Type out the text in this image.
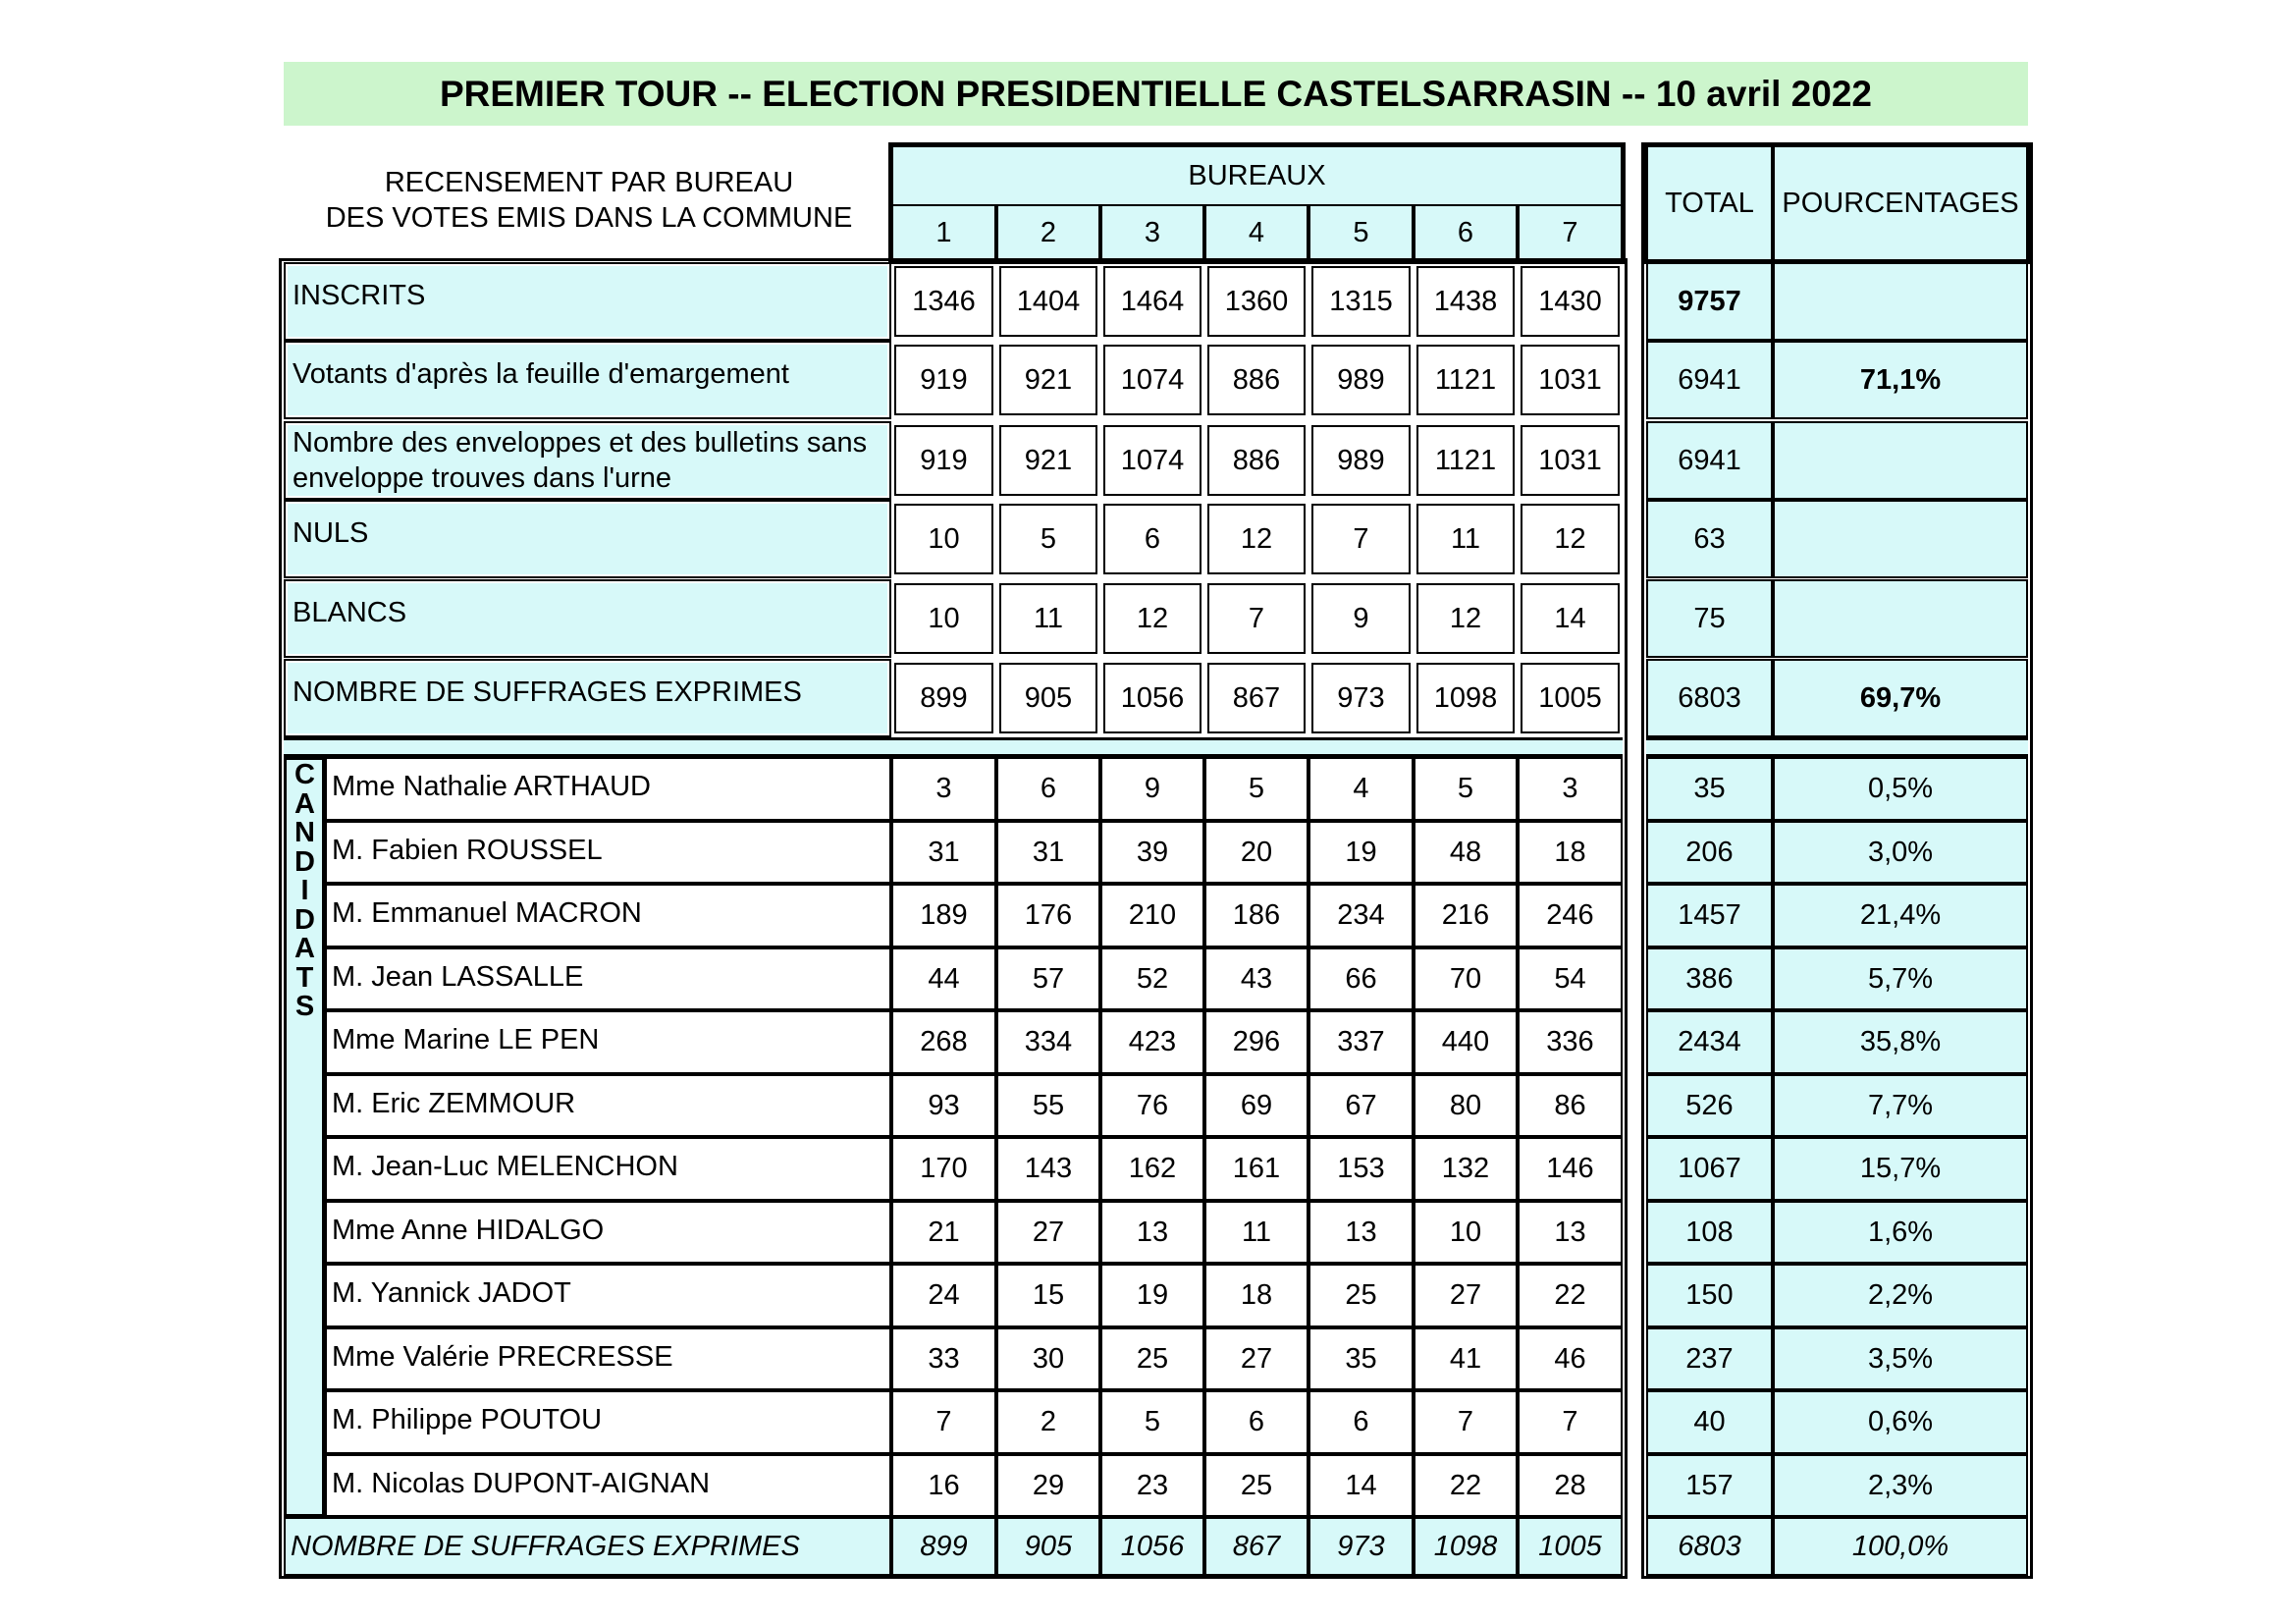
PREMIER TOUR -- ELECTION PRESIDENTIELLE CASTELSARRASIN -- 10 avril 2022
RECENSEMENT PAR BUREAU
DES VOTES EMIS DANS LA COMMUNE
BUREAUX
1	2	3	4	5	6	7
TOTAL POURCENTAGES
INSCRITS	1346	1404	1464	1360	1315	1438	1430	9757
Votants d'après la feuille d'emargement	919	921	1074	886	989	1121	1031	6941	71,1%
Nombre des enveloppes et des bulletins sans enveloppe trouves dans l'urne
919	921	1074	886	989	1121	1031	6941
NULS	10	5	6	12	7	11	12	63
BLANCS	10	11	12	7	9	12	14	75
NOMBRE DE SUFFRAGES EXPRIMES	899	905	1056	867	973	1098	1005	6803	69,7%
Mme Nathalie ARTHAUD	3	6	9	5	4	5	3	35	0,5%
M. Fabien ROUSSEL	31	31	39	20	19	48	18	206	3,0%
M. Emmanuel MACRON	189	176	210	186	234	216	246	1457	21,4%
M. Jean LASSALLE	44	57	52	43	66	70	54	386	5,7%
Mme Marine LE PEN	268	334	423	296	337	440	336	2434	35,8%
M. Eric ZEMMOUR	93	55	76	69	67	80	86	526	7,7%
M. Jean-Luc MELENCHON	170	143	162	161	153	132	146	1067	15,7%
Mme Anne HIDALGO	21	27	13	11	13	10	13	108	1,6%
M. Yannick JADOT	24	15	19	18	25	27	22	150	2,2%
Mme Valérie PRECRESSE	33	30	25	27	35	41	46	237	3,5%
M. Philippe POUTOU	7	2	5	6	6	7	7	40	0,6%
M. Nicolas DUPONT-AIGNAN	16	29	23	25	14	22	28	157	2,3%
NOMBRE DE SUFFRAGES EXPRIMES	899	905	1056	867	973	1098	1005	6803	100,0%
C
A
N
D
I
D
A
T
S
